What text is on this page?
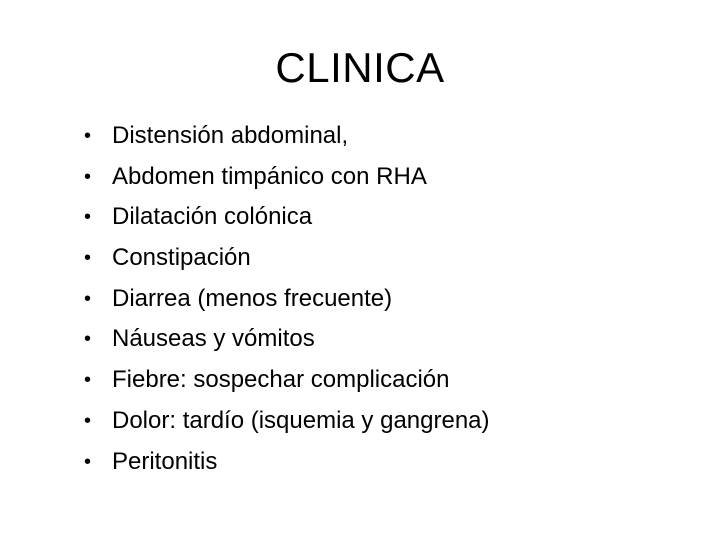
CLINICA
• Distensión abdominal,
• Abdomen timpánico con RHA
• Dilatación colónica
• Constipación
• Diarrea (menos frecuente)
• Náuseas y vómitos
• Fiebre: sospechar complicación
• Dolor: tardío (isquemia y gangrena)
• Peritonitis
